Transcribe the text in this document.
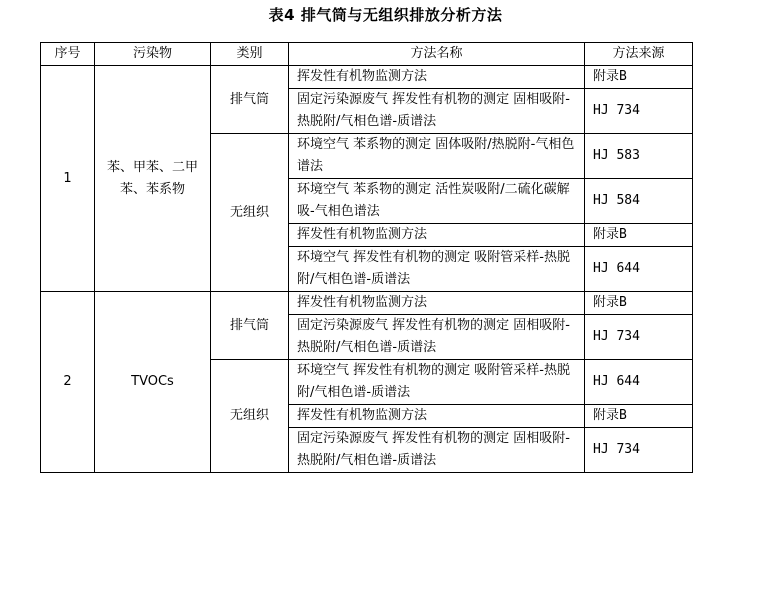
表4 排气筒与无组织排放分析方法
序号	污染物	类别	方法名称	方法来源
1	苯、甲苯、二甲苯、苯系物	排气筒	挥发性有机物监测方法	附录B
			固定污染源废气 挥发性有机物的测定 固相吸附-热脱附/气相色谱-质谱法	HJ 734
		无组织	环境空气 苯系物的测定 固体吸附/热脱附-气相色谱法	HJ 583
			环境空气 苯系物的测定 活性炭吸附/二硫化碳解吸-气相色谱法	HJ 584
			挥发性有机物监测方法	附录B
			环境空气 挥发性有机物的测定 吸附管采样-热脱附/气相色谱-质谱法	HJ 644
2	TVOCs	排气筒	挥发性有机物监测方法	附录B
			固定污染源废气 挥发性有机物的测定 固相吸附-热脱附/气相色谱-质谱法	HJ 734
		无组织	环境空气 挥发性有机物的测定 吸附管采样-热脱附/气相色谱-质谱法	HJ 644
			挥发性有机物监测方法	附录B
			固定污染源废气 挥发性有机物的测定 固相吸附-热脱附/气相色谱-质谱法	HJ 734
